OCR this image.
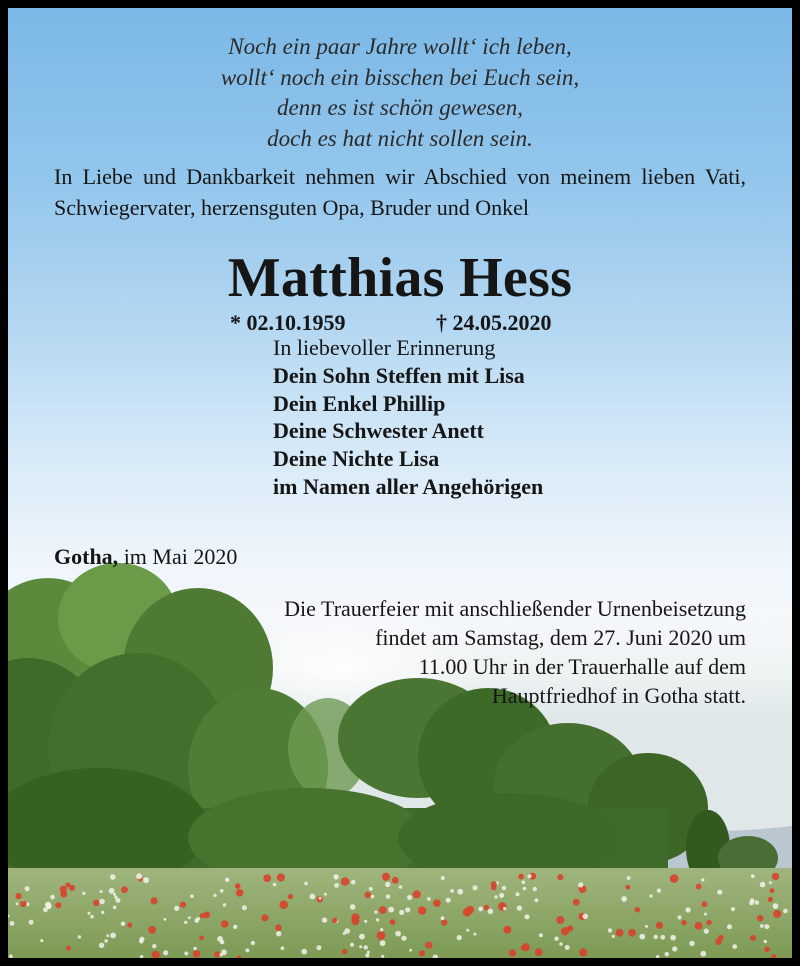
Noch ein paar Jahre wollt‘ ich leben,
wollt‘ noch ein bisschen bei Euch sein,
denn es ist schön gewesen,
doch es hat nicht sollen sein.
In Liebe und Dankbarkeit nehmen wir Abschied von meinem lieben Vati, Schwiegervater, herzensguten Opa, Bruder und Onkel
Matthias Hess
* 02.10.1959	† 24.05.2020
In liebevoller Erinnerung
Dein Sohn Steffen mit Lisa
Dein Enkel Phillip
Deine Schwester Anett
Deine Nichte Lisa
im Namen aller Angehörigen
Gotha, im Mai 2020
Die Trauerfeier mit anschließender Urnenbeisetzung
findet am Samstag, dem 27. Juni 2020 um
11.00 Uhr in der Trauerhalle auf dem
Hauptfriedhof in Gotha statt.
